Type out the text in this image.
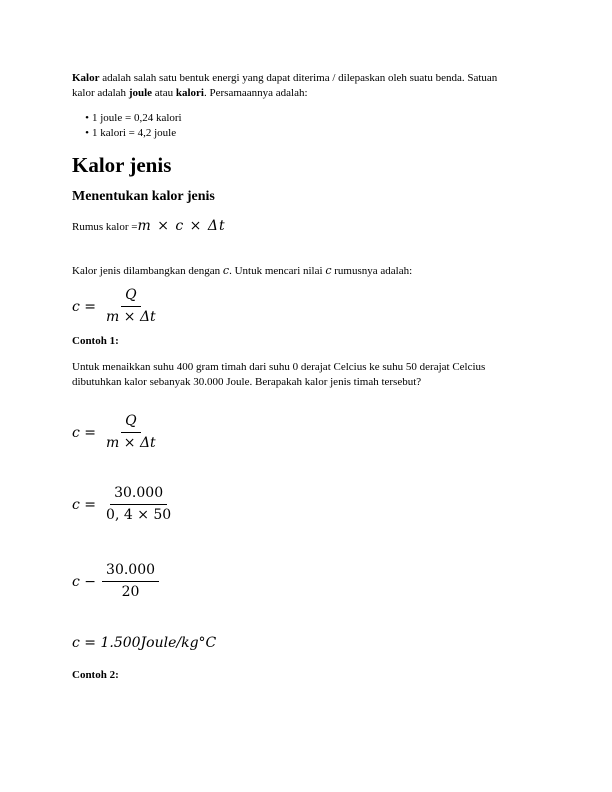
Kalor adalah salah satu bentuk energi yang dapat diterima / dilepaskan oleh suatu benda. Satuan
kalor adalah joule atau kalori. Persamaannya adalah:
• 1 joule = 0,24 kalori
• 1 kalori = 4,2 joule
Kalor jenis
Menentukan kalor jenis
Rumus kalor = m × c × Δt
Kalor jenis dilambangkan dengan c. Untuk mencari nilai c rumusnya adalah:
$c = \frac{Q}{m \times \Delta t}$
Contoh 1:
Untuk menaikkan suhu 400 gram timah dari suhu 0 derajat Celcius ke suhu 50 derajat Celcius
dibutuhkan kalor sebanyak 30.000 Joule. Berapakah kalor jenis timah tersebut?
$c = \frac{Q}{m \times \Delta t}$
$c = \frac{30.000}{0, 4 \times 50}$
$c - \frac{30.000}{20}$
c = 1.500Joule/kg°C
Contoh 2:
